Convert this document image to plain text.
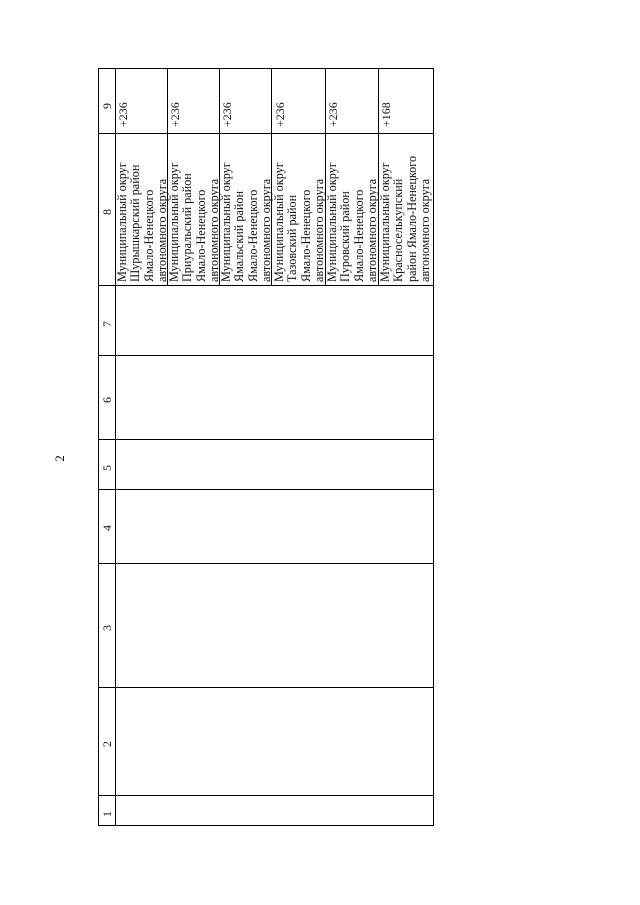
2
9
8
7
6
5
4
3
2
1
+236
Муниципальный округ Шурышкарский район Ямало-Ненецкого автономного округа
+236
Муниципальный округ Приуральский район Ямало-Ненецкого автономного округа
+236
Муниципальный округ Ямальский район Ямало-Ненецкого автономного округа
+236
Муниципальный округ Тазовский район Ямало-Ненецкого автономного округа
+236
Муниципальный округ Пуровский район Ямало-Ненецкого автономного округа
+168
Муниципальный округ Красноселькупский район Ямало-Ненецкого автономного округа
